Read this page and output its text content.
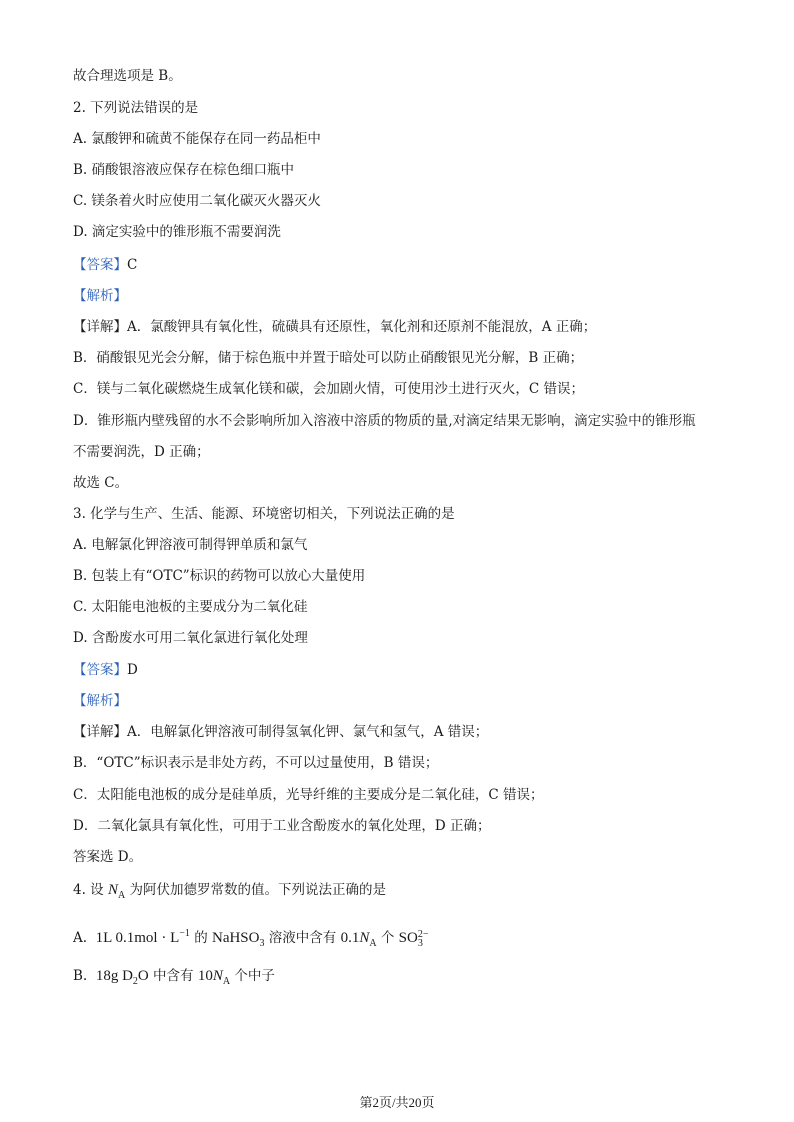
故合理选项是 B。
2. 下列说法错误的是
A. 氯酸钾和硫黄不能保存在同一药品柜中
B. 硝酸银溶液应保存在棕色细口瓶中
C. 镁条着火时应使用二氧化碳灭火器灭火
D. 滴定实验中的锥形瓶不需要润洗
【答案】C
【解析】
【详解】A．氯酸钾具有氧化性，硫磺具有还原性，氧化剂和还原剂不能混放，A 正确；
B．硝酸银见光会分解，储于棕色瓶中并置于暗处可以防止硝酸银见光分解，B 正确；
C．镁与二氧化碳燃烧生成氧化镁和碳，会加剧火情，可使用沙土进行灭火，C 错误；
D．锥形瓶内壁残留的水不会影响所加入溶液中溶质的物质的量,对滴定结果无影响，滴定实验中的锥形瓶
不需要润洗，D 正确；
故选 C。
3. 化学与生产、生活、能源、环境密切相关，下列说法正确的是
A. 电解氯化钾溶液可制得钾单质和氯气
B. 包装上有“OTC”标识的药物可以放心大量使用
C. 太阳能电池板的主要成分为二氧化硅
D. 含酚废水可用二氧化氯进行氧化处理
【答案】D
【解析】
【详解】A．电解氯化钾溶液可制得氢氧化钾、氯气和氢气，A 错误；
B．“OTC”标识表示是非处方药，不可以过量使用，B 错误；
C．太阳能电池板的成分是硅单质，光导纤维的主要成分是二氧化硅，C 错误；
D．二氧化氯具有氧化性，可用于工业含酚废水的氧化处理，D 正确；
答案选 D。
4. 设 $N_A$ 为阿伏加德罗常数的值。下列说法正确的是
A. 1L $0.1mol \cdot L^{-1}$ 的 NaHSO$_3$ 溶液中含有 $0.1N_A$ 个 SO 2−
3
B. 18g $D_2O$ 中含有 $10N_A$ 个中子
第2页/共20页
